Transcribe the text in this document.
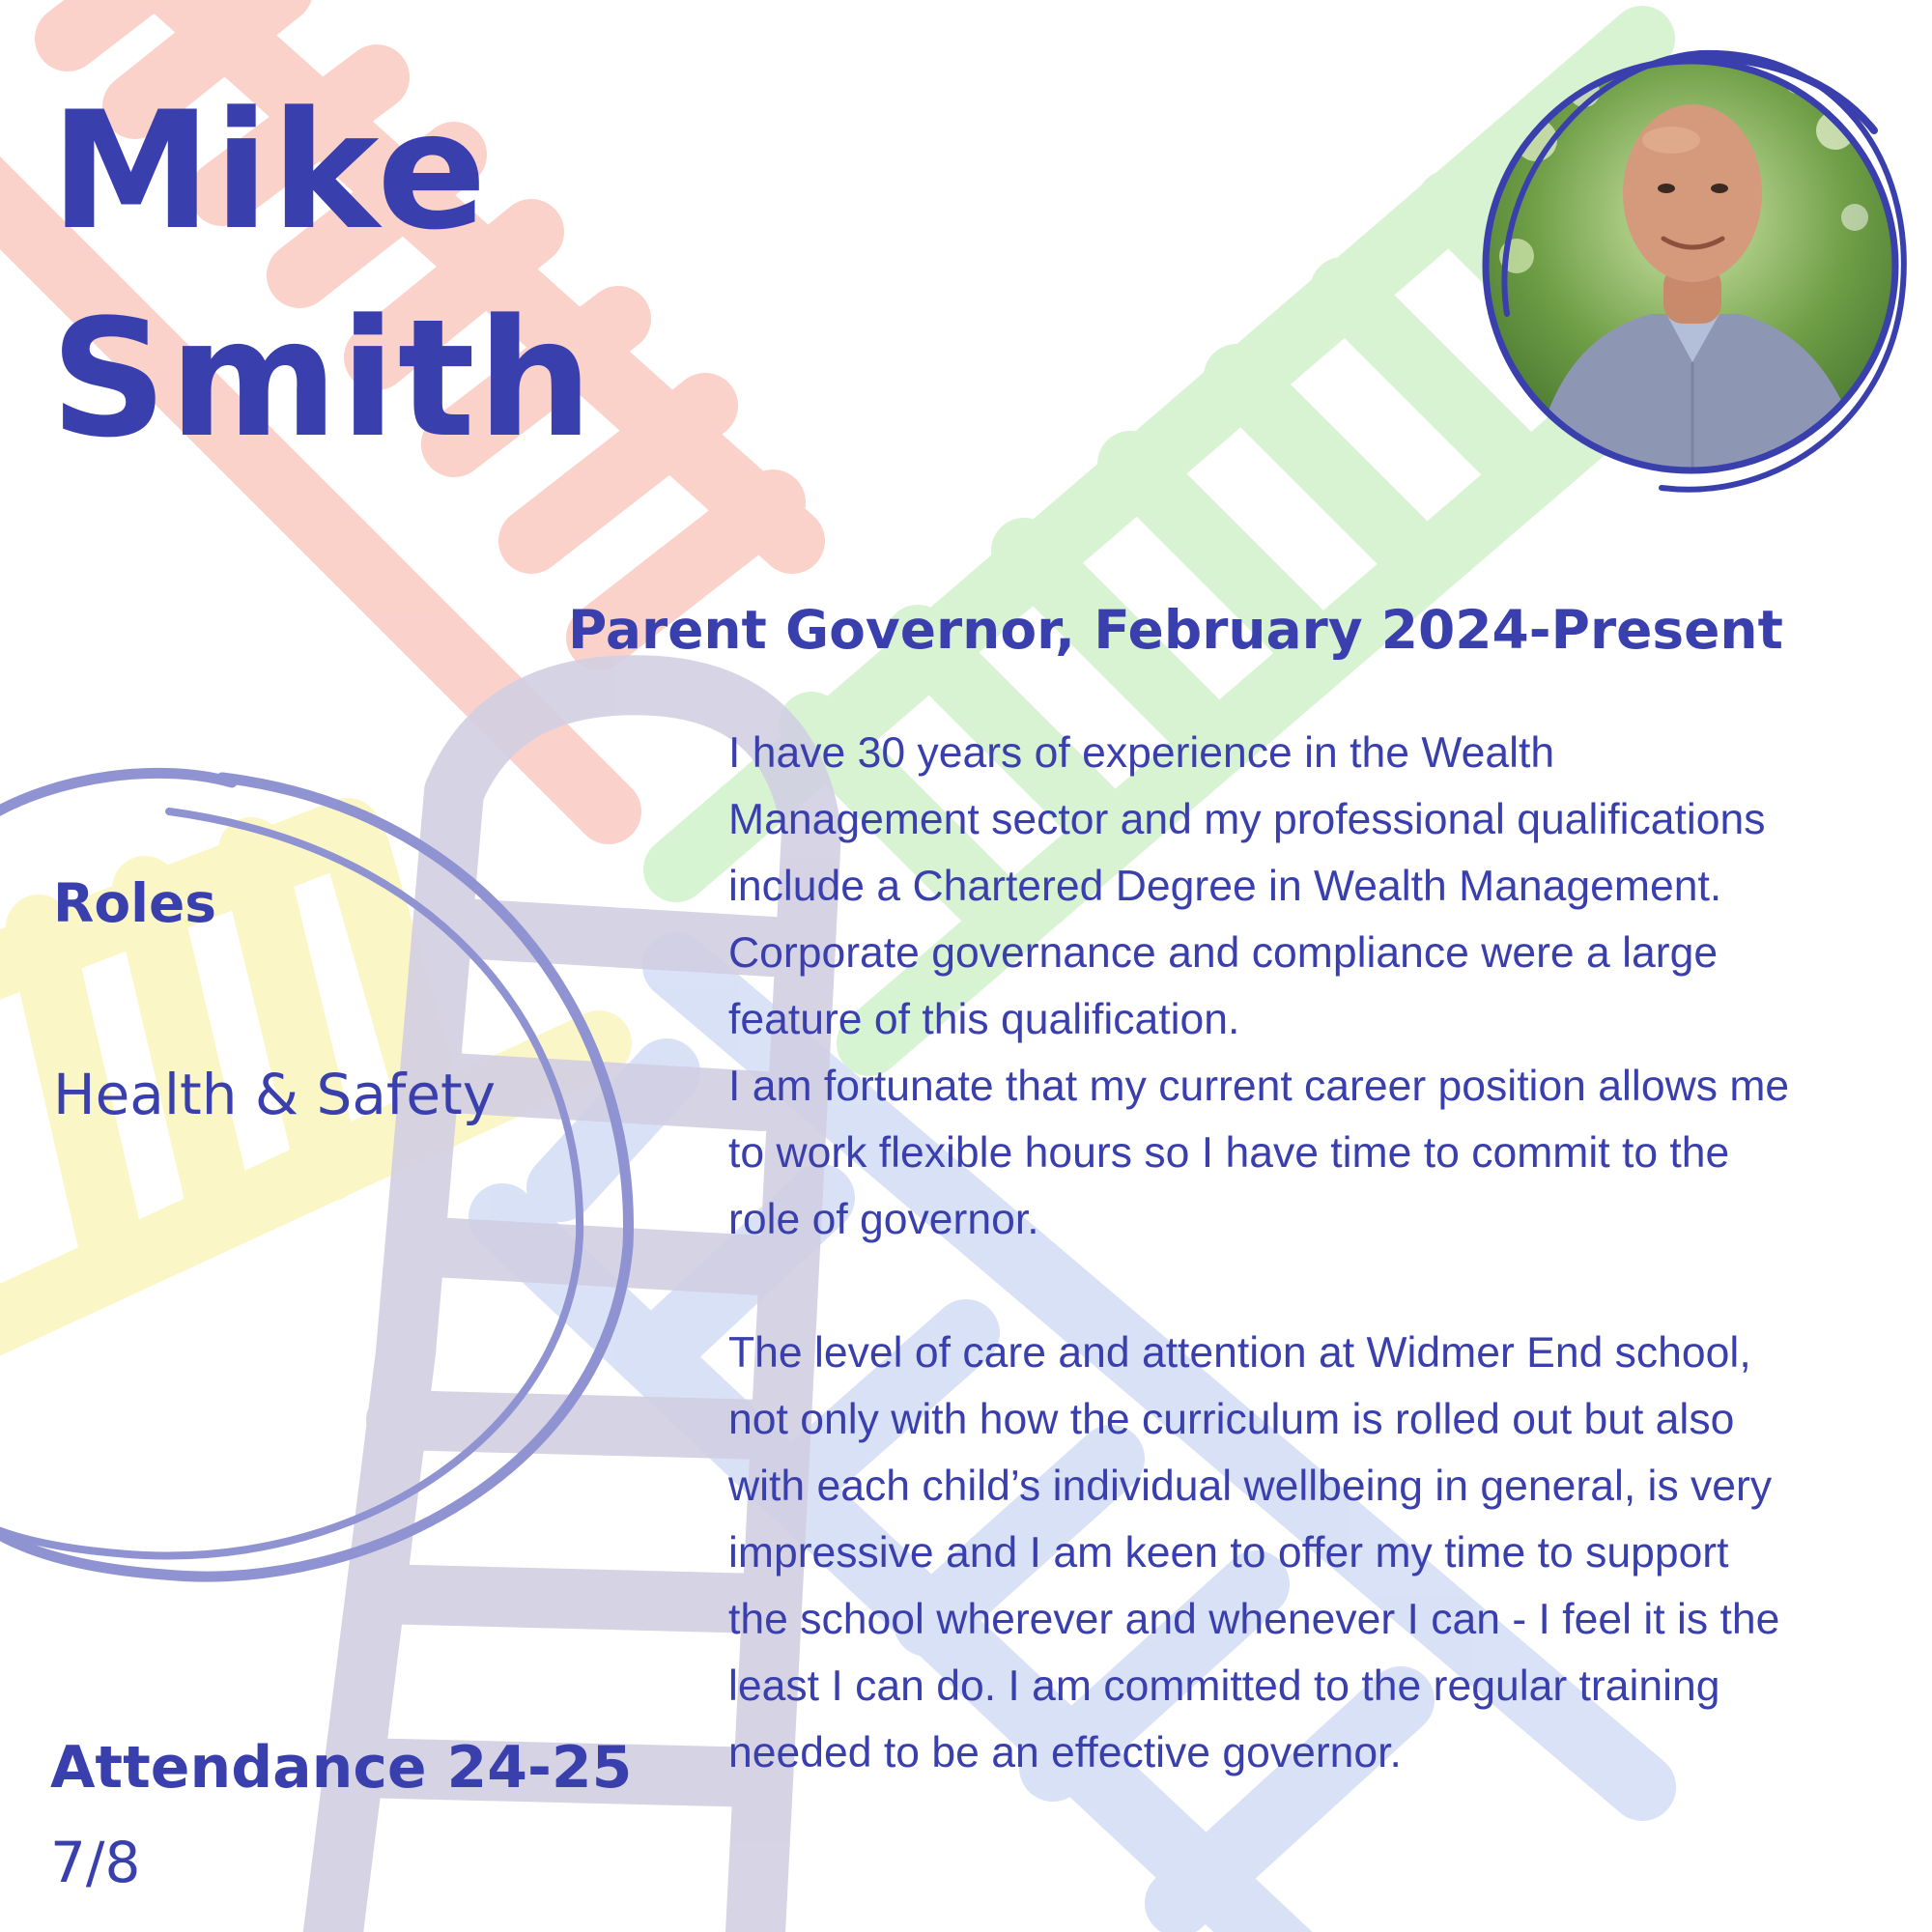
Mike
Smith
Parent Governor, February 2024-Present

I have 30 years of experience in the Wealth
Management sector and my professional qualifications
include a Chartered Degree in Wealth Management.
Corporate governance and compliance were a large
feature of this qualification.
I am fortunate that my current career position allows me
to work flexible hours so I have time to commit to the
role of governor.

The level of care and attention at Widmer End school,
not only with how the curriculum is rolled out but also
with each child’s individual wellbeing in general, is very
impressive and I am keen to offer my time to support
the school wherever and whenever I can - I feel it is the
least I can do. I am committed to the regular training
needed to be an effective governor.

Roles
Health & Safety
Attendance 24-25
7/8
